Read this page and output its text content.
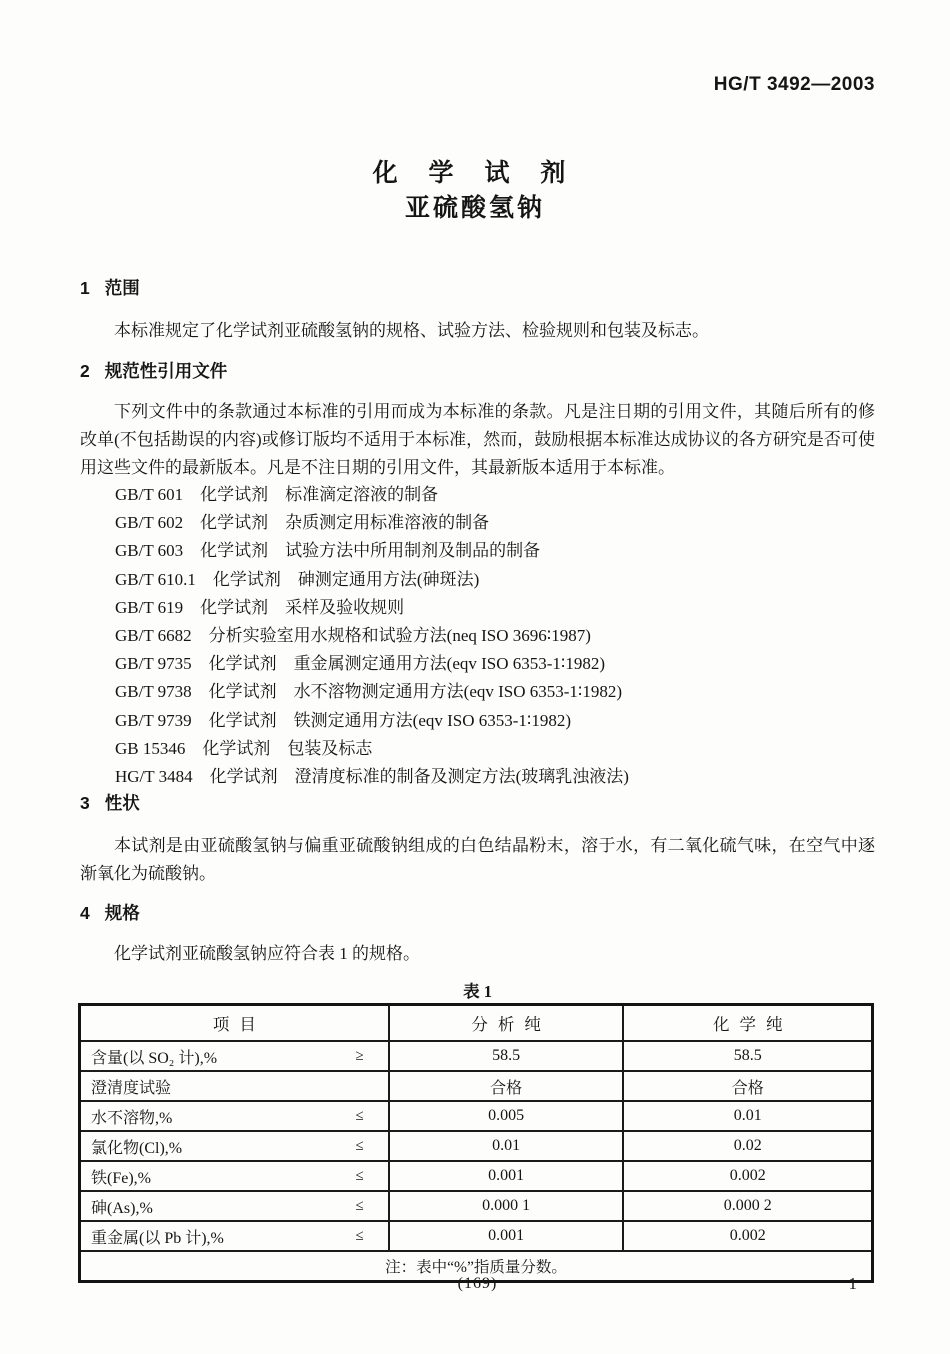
HG/T 3492—2003
化 学 试 剂
亚硫酸氢钠
1 范围

本标准规定了化学试剂亚硫酸氢钠的规格、试验方法、检验规则和包装及标志。

2 规范性引用文件

下列文件中的条款通过本标准的引用而成为本标准的条款。凡是注日期的引用文件，其随后所有的修改单(不包括勘误的内容)或修订版均不适用于本标准，然而，鼓励根据本标准达成协议的各方研究是否可使用这些文件的最新版本。凡是不注日期的引用文件，其最新版本适用于本标准。

GB/T 601　化学试剂　标准滴定溶液的制备
GB/T 602　化学试剂　杂质测定用标准溶液的制备
GB/T 603　化学试剂　试验方法中所用制剂及制品的制备
GB/T 610.1　化学试剂　砷测定通用方法(砷斑法)
GB/T 619　化学试剂　采样及验收规则
GB/T 6682　分析实验室用水规格和试验方法(neq ISO 3696∶1987)
GB/T 9735　化学试剂　重金属测定通用方法(eqv ISO 6353-1∶1982)
GB/T 9738　化学试剂　水不溶物测定通用方法(eqv ISO 6353-1∶1982)
GB/T 9739　化学试剂　铁测定通用方法(eqv ISO 6353-1∶1982)
GB 15346　化学试剂　包装及标志
HG/T 3484　化学试剂　澄清度标准的制备及测定方法(玻璃乳浊液法)
3 性状

本试剂是由亚硫酸氢钠与偏重亚硫酸钠组成的白色结晶粉末，溶于水，有二氧化硫气味，在空气中逐渐氧化为硫酸钠。

4 规格

化学试剂亚硫酸氢钠应符合表 1 的规格。

表 1
项目	分析纯	化学纯

含量(以 SO₂ 计),% ≥	58.5	58.5

澄清度试验	合格	合格

水不溶物,% ≤	0.005	0.01

氯化物(Cl),% ≤	0.01	0.02

铁(Fe),% ≤	0.001	0.002

砷(As),% ≤	0.000 1	0.000 2

重金属(以 Pb 计),% ≤	0.001	0.002
注：表中“%”指质量分数。		
(169)	1
